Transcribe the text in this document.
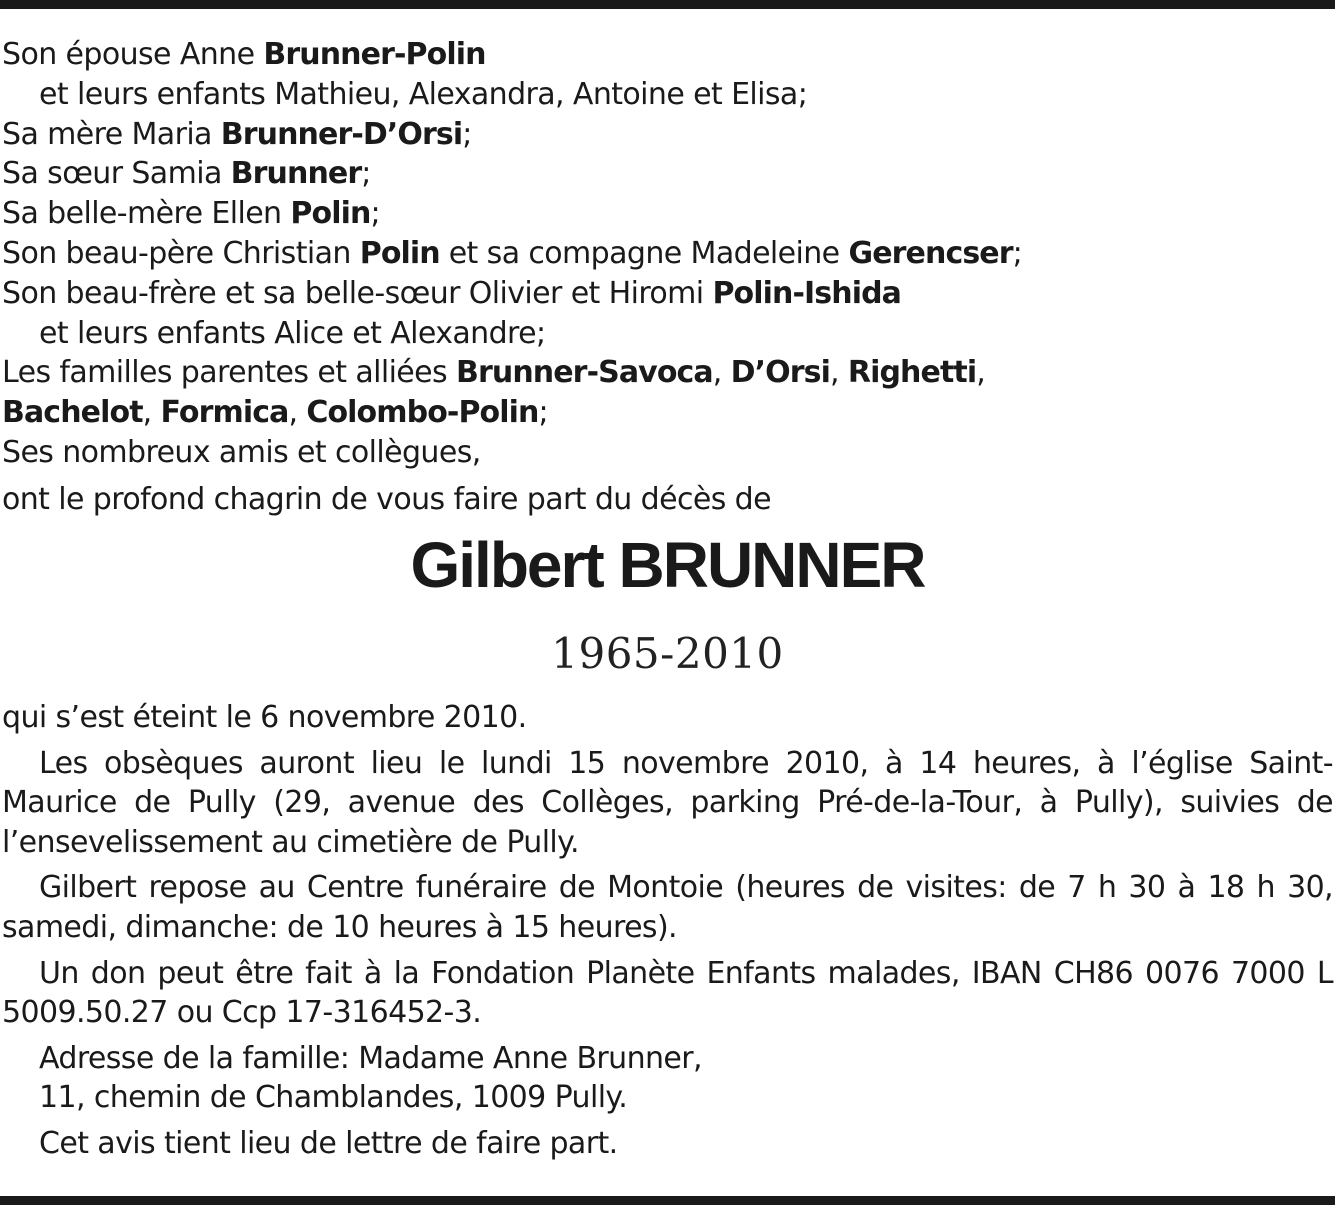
Son épouse Anne Brunner-Polin
et leurs enfants Mathieu, Alexandra, Antoine et Elisa;
Sa mère Maria Brunner-D’Orsi;
Sa sœur Samia Brunner;
Sa belle-mère Ellen Polin;
Son beau-père Christian Polin et sa compagne Madeleine Gerencser;
Son beau-frère et sa belle-sœur Olivier et Hiromi Polin-Ishida
et leurs enfants Alice et Alexandre;
Les familles parentes et alliées Brunner-Savoca, D’Orsi, Righetti,
Bachelot, Formica, Colombo-Polin;
Ses nombreux amis et collègues,
ont le profond chagrin de vous faire part du décès de
Gilbert BRUNNER
1965-2010

qui s’est éteint le 6 novembre 2010.

Les obsèques auront lieu le lundi 15 novembre 2010, à 14 heures, à l’église Saint-Maurice de Pully (29, avenue des Collèges, parking Pré-de-la-Tour, à Pully), suivies de l’ensevelissement au cimetière de Pully.

Gilbert repose au Centre funéraire de Montoie (heures de visites: de 7 h 30 à 18 h 30, samedi, dimanche: de 10 heures à 15 heures).

Un don peut être fait à la Fondation Planète Enfants malades, IBAN CH86 0076 7000 L 5009.50.27 ou Ccp 17-316452-3.

Adresse de la famille: Madame Anne Brunner,

11, chemin de Chamblandes, 1009 Pully.

Cet avis tient lieu de lettre de faire part.
